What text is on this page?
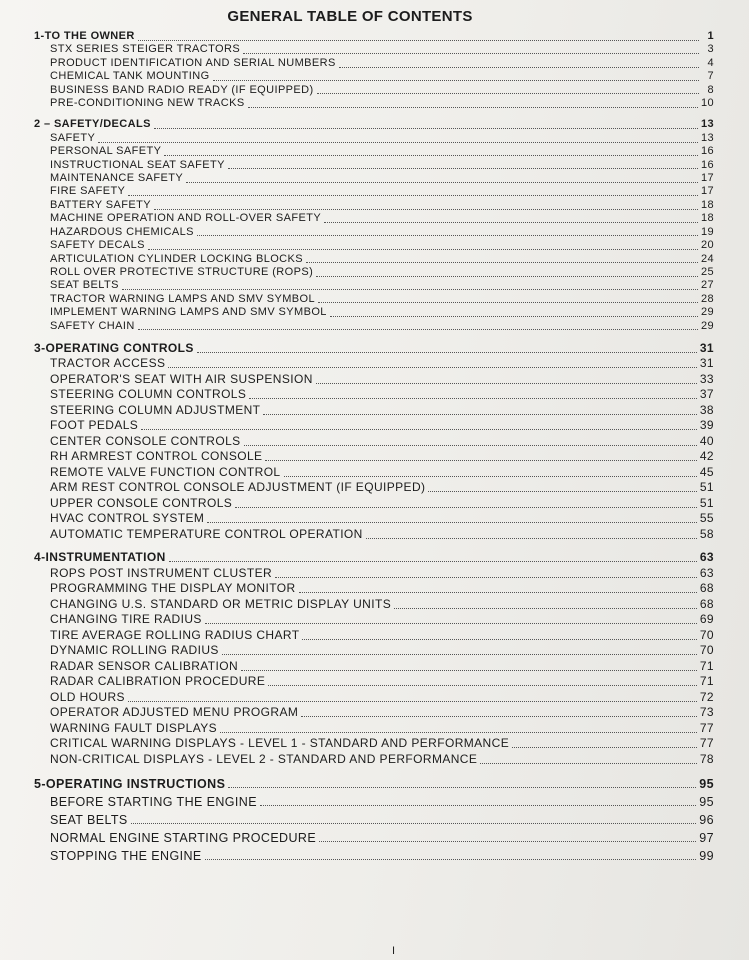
GENERAL TABLE OF CONTENTS
1-TO THE OWNER	1
STX SERIES STEIGER TRACTORS	3
PRODUCT IDENTIFICATION AND SERIAL NUMBERS	4
CHEMICAL TANK MOUNTING	7
BUSINESS BAND RADIO READY (IF EQUIPPED)	8
PRE-CONDITIONING NEW TRACKS	10
2 – SAFETY/DECALS	13
SAFETY	13
PERSONAL SAFETY	16
INSTRUCTIONAL SEAT SAFETY	16
MAINTENANCE SAFETY	17
FIRE SAFETY	17
BATTERY SAFETY	18
MACHINE OPERATION AND ROLL-OVER SAFETY	18
HAZARDOUS CHEMICALS	19
SAFETY DECALS	20
ARTICULATION CYLINDER LOCKING BLOCKS	24
ROLL OVER PROTECTIVE STRUCTURE (ROPS)	25
SEAT BELTS	27
TRACTOR WARNING LAMPS AND SMV SYMBOL	28
IMPLEMENT WARNING LAMPS AND SMV SYMBOL	29
SAFETY CHAIN	29
3-OPERATING CONTROLS	31
TRACTOR ACCESS	31
OPERATOR'S SEAT WITH AIR SUSPENSION	33
STEERING COLUMN CONTROLS	37
STEERING COLUMN ADJUSTMENT	38
FOOT PEDALS	39
CENTER CONSOLE CONTROLS	40
RH ARMREST CONTROL CONSOLE	42
REMOTE VALVE FUNCTION CONTROL	45
ARM REST CONTROL CONSOLE ADJUSTMENT (IF EQUIPPED)	51
UPPER CONSOLE CONTROLS	51
HVAC CONTROL SYSTEM	55
AUTOMATIC TEMPERATURE CONTROL OPERATION	58
4-INSTRUMENTATION	63
ROPS POST INSTRUMENT CLUSTER	63
PROGRAMMING THE DISPLAY MONITOR	68
CHANGING U.S. STANDARD OR METRIC DISPLAY UNITS	68
CHANGING TIRE RADIUS	69
TIRE AVERAGE ROLLING RADIUS CHART	70
DYNAMIC ROLLING RADIUS	70
RADAR SENSOR CALIBRATION	71
RADAR CALIBRATION PROCEDURE	71
OLD HOURS	72
OPERATOR ADJUSTED MENU PROGRAM	73
WARNING FAULT DISPLAYS	77
CRITICAL WARNING DISPLAYS - LEVEL 1 - STANDARD AND PERFORMANCE	77
NON-CRITICAL DISPLAYS - LEVEL 2 - STANDARD AND PERFORMANCE	78
5-OPERATING INSTRUCTIONS	95
BEFORE STARTING THE ENGINE	95
SEAT BELTS	96
NORMAL ENGINE STARTING PROCEDURE	97
STOPPING THE ENGINE	99
I
